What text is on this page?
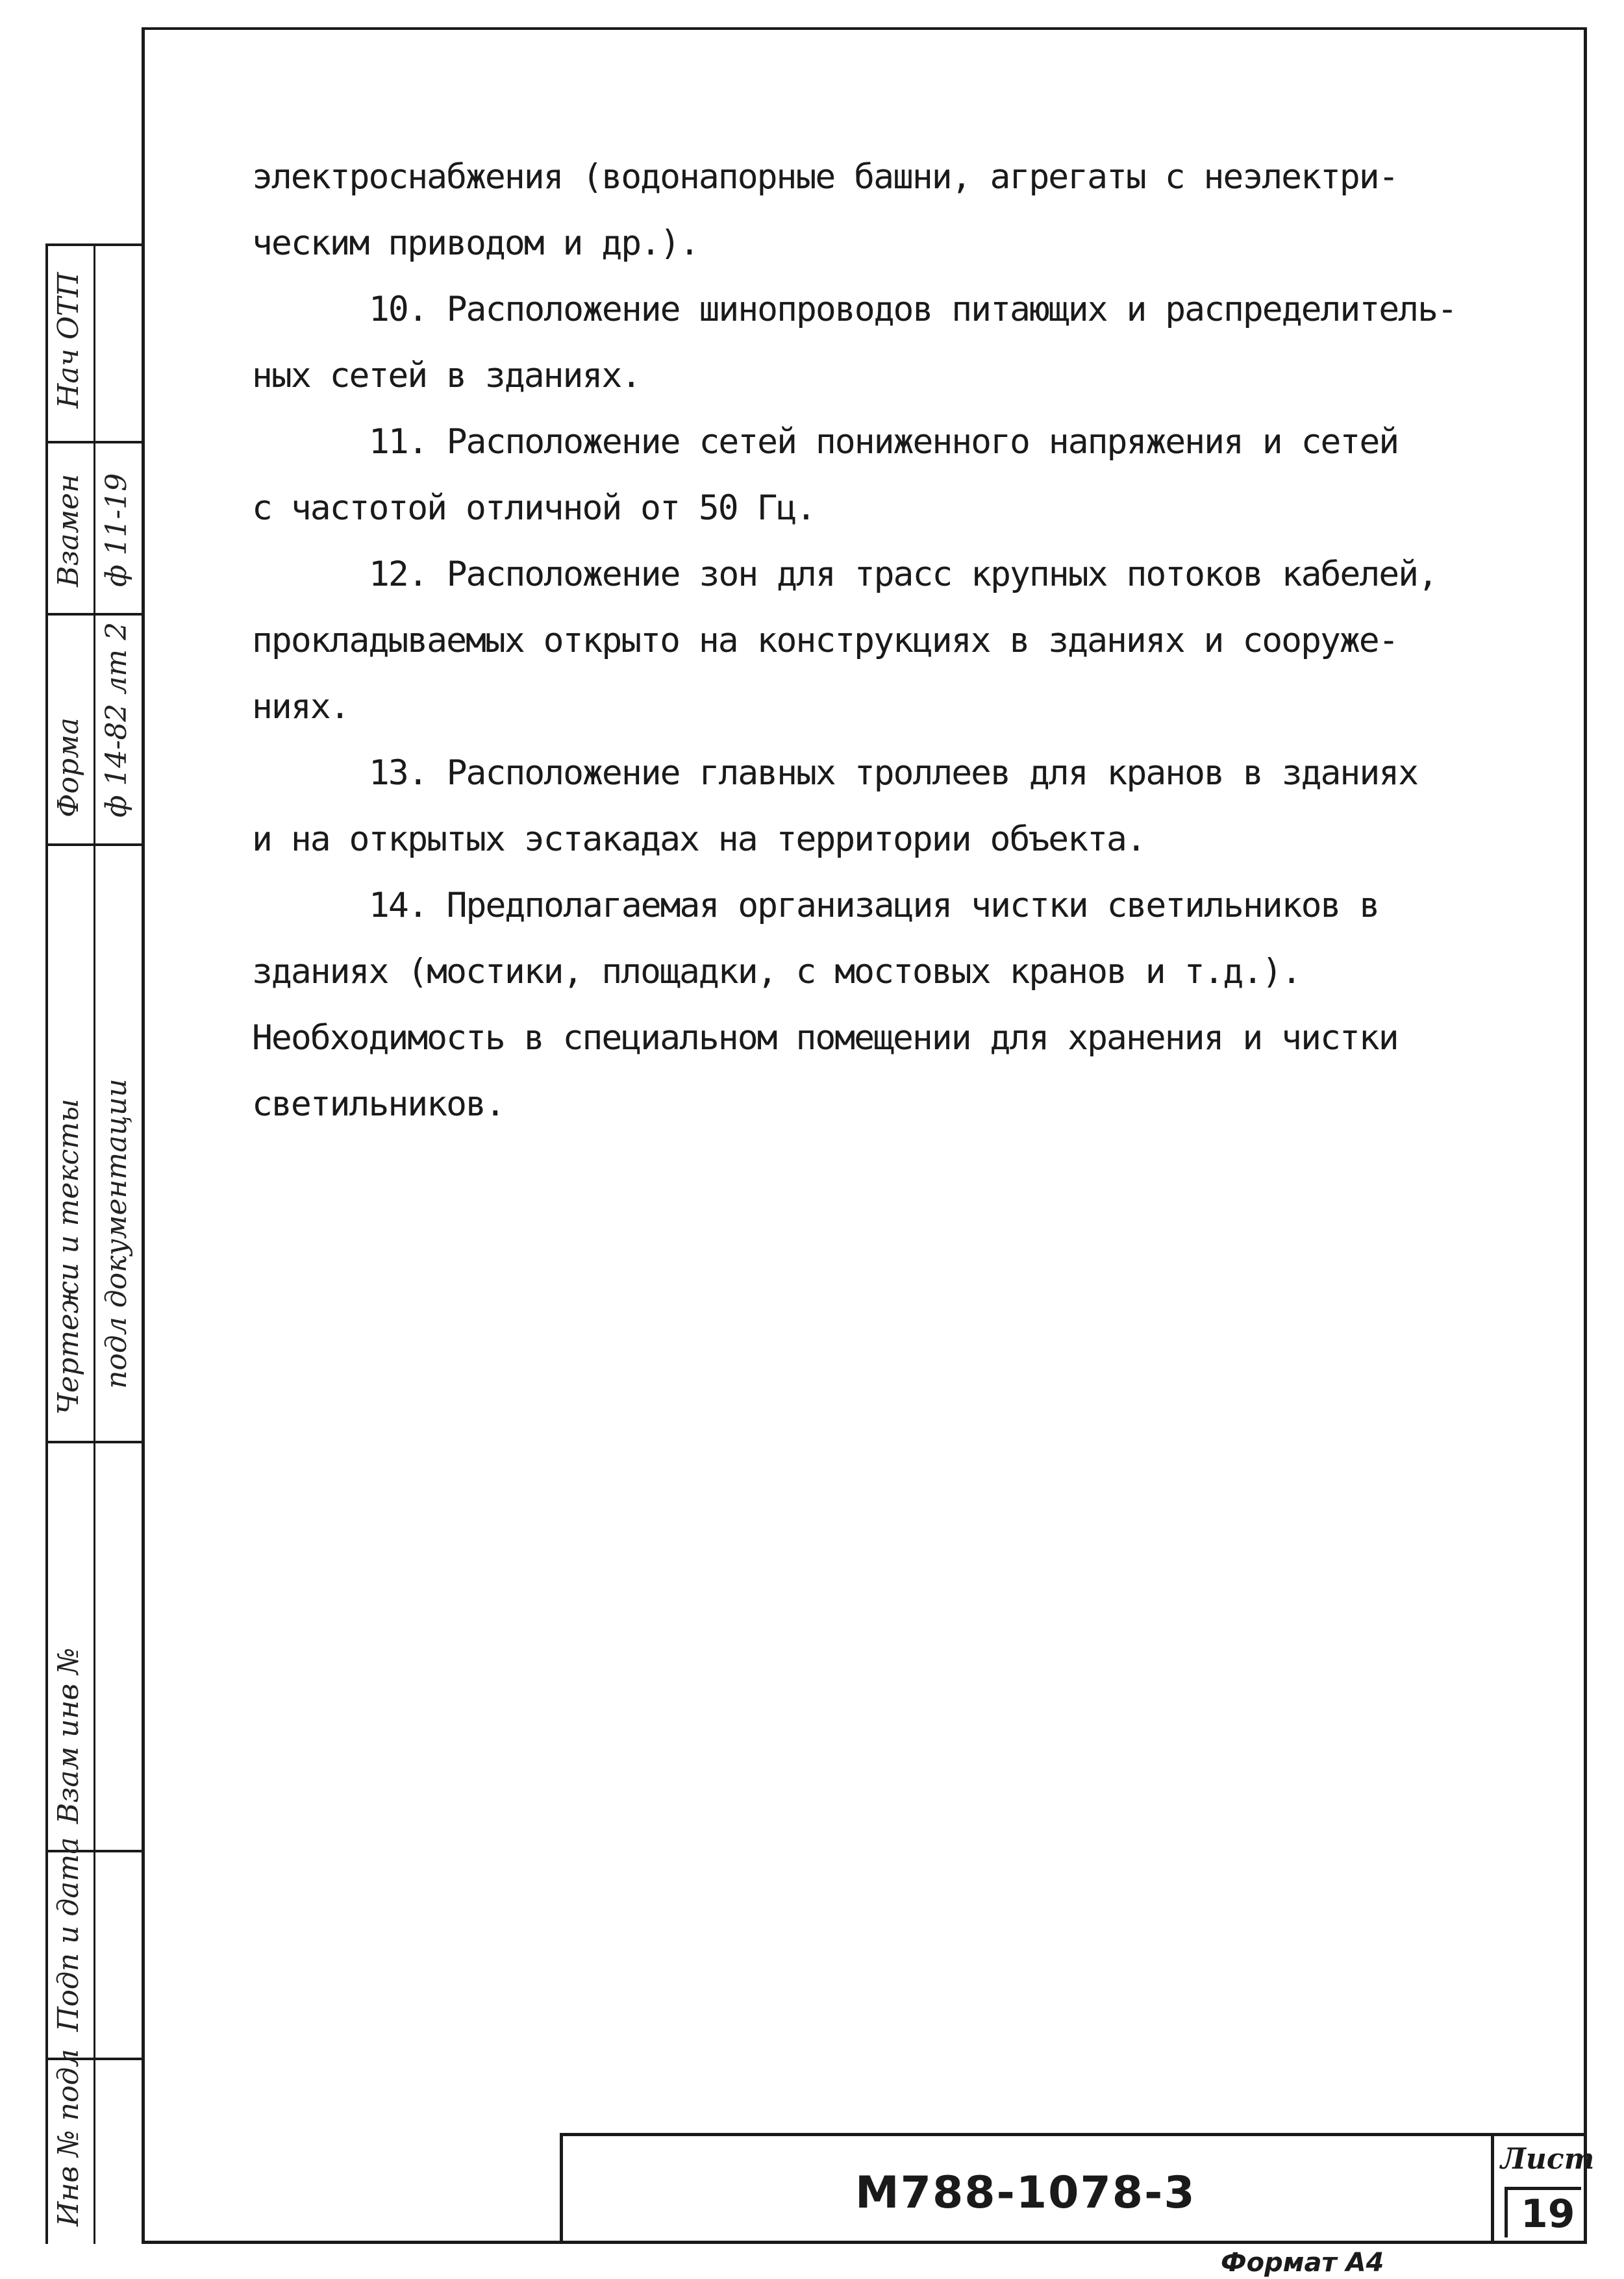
Нач ОТП
Взамен ф 11-19
Форма ф 14-82 лт 2
Чертежи и тексты подл документации
Взам инв №
Подп и дата
Инв № подл

электроснабжения (водонапорные башни, агрегаты с неэлектри-

ческим приводом и др.).

10. Расположение шинопроводов питающих и распределитель-

ных сетей в зданиях.

11. Расположение сетей пониженного напряжения и сетей

с частотой отличной от 50 Гц.

12. Расположение зон для трасс крупных потоков кабелей,

прокладываемых открыто на конструкциях в зданиях и сооруже-

ниях.

13. Расположение главных троллеев для кранов в зданиях

и на открытых эстакадах на территории объекта.

14. Предполагаемая организация чистки светильников в

зданиях (мостики, площадки, с мостовых кранов и т.д.).

Необходимость в специальном помещении для хранения и чистки

светильников.

М788-1078-3
Лист
19
Формат А4
